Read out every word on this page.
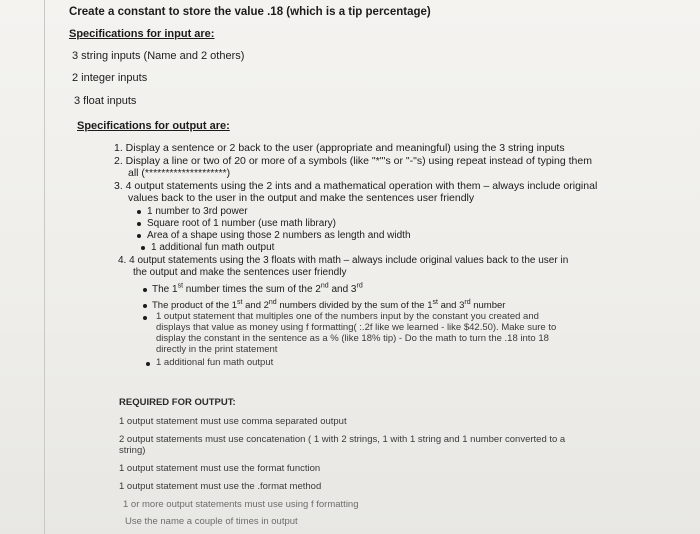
Create a constant to store the value .18 (which is a tip percentage)
Specifications for input are:
3 string inputs (Name and 2 others)
2 integer inputs
3 float inputs
Specifications for output are:
1. Display a sentence or 2 back to the user (appropriate and meaningful) using the 3 string inputs
2. Display a line or two of 20 or more of a symbols (like "*"'s or "-"s) using repeat instead of typing them
all (********************)
3. 4 output statements using the 2 ints and a mathematical operation with them – always include original
values back to the user in the output and make the sentences user friendly
1 number to 3rd power
Square root of 1 number (use math library)
Area of a shape using those 2 numbers as length and width
1 additional fun math output
4. 4 output statements using the 3 floats with math – always include original values back to the user in
the output and make the sentences user friendly
The 1st number times the sum of the 2nd and 3rd
The product of the 1st and 2nd numbers divided by the sum of the 1st and 3rd number
1 output statement that multiples one of the numbers input by the constant you created and
displays that value as money using f formatting( :.2f like we learned - like $42.50). Make sure to
display the constant in the sentence as a % (like 18% tip) - Do the math to turn the .18 into 18
directly in the print statement
1 additional fun math output
REQUIRED FOR OUTPUT:
1 output statement must use comma separated output
2 output statements must use concatenation ( 1 with 2 strings, 1 with 1 string and 1 number converted to a
string)
1 output statement must use the format function
1 output statement must use the .format method
1 or more output statements must use using f formatting
Use the name a couple of times in output
